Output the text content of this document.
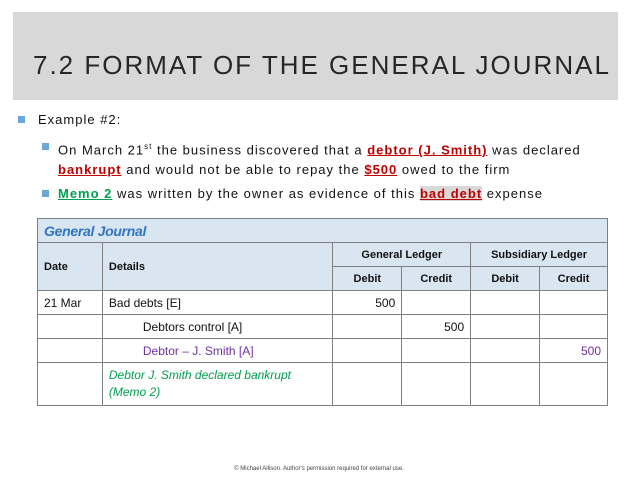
7.2 FORMAT OF THE GENERAL JOURNAL
Example #2:
On March 21st the business discovered that a debtor (J. Smith) was declared bankrupt and would not be able to repay the $500 owed to the firm
Memo 2 was written by the owner as evidence of this bad debt expense
General Journal					
Date	Details	General Ledger		Subsidiary Ledger	
		Debit	Credit	Debit	Credit
21 Mar	Bad debts [E]	500			
	Debtors control [A]		500		
	Debtor – J. Smith [A]				500
	Debtor J. Smith declared bankrupt (Memo 2)				
© Michael Allison. Author's permission required for external use.
